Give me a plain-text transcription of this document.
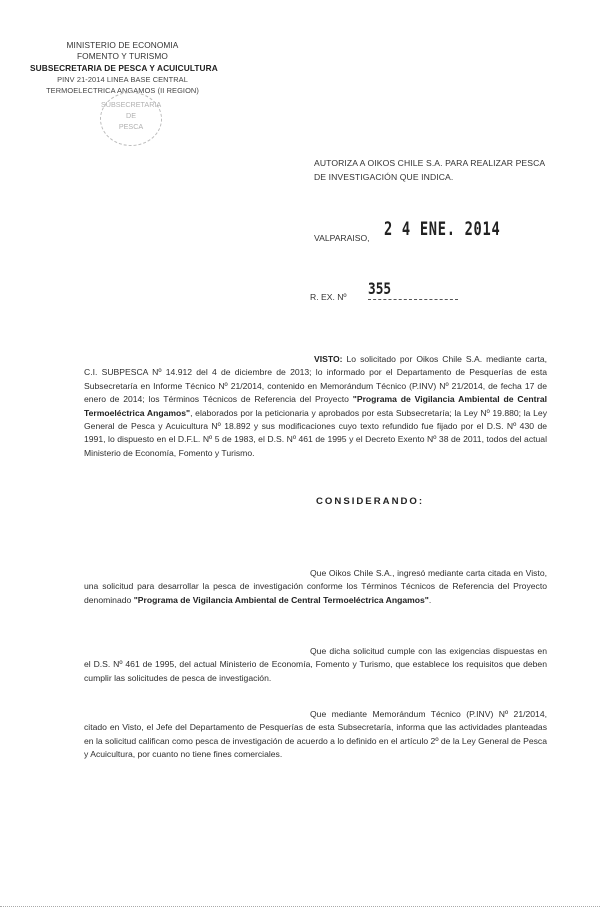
MINISTERIO DE ECONOMIA
FOMENTO Y TURISMO
SUBSECRETARIA DE PESCA Y ACUICULTURA
PINV 21-2014 LINEA BASE CENTRAL
TERMOELECTRICA ANGAMOS (II REGION)
SUBSECRETARIA DE
PESCA
AUTORIZA A OIKOS CHILE S.A. PARA REALIZAR PESCA DE INVESTIGACIÓN QUE INDICA.
VALPARAISO, 2 4 ENE. 2014
R. EX. Nº 355

VISTO: Lo solicitado por Oikos Chile S.A. mediante carta, C.I. SUBPESCA Nº 14.912 del 4 de diciembre de 2013; lo informado por el Departamento de Pesquerías de esta Subsecretaría en Informe Técnico Nº 21/2014, contenido en Memorándum Técnico (P.INV) Nº 21/2014, de fecha 17 de enero de 2014; los Términos Técnicos de Referencia del Proyecto "Programa de Vigilancia Ambiental de Central Termoeléctrica Angamos", elaborados por la peticionaria y aprobados por esta Subsecretaría; la Ley Nº 19.880; la Ley General de Pesca y Acuicultura Nº 18.892 y sus modificaciones cuyo texto refundido fue fijado por el D.S. Nº 430 de 1991, lo dispuesto en el D.F.L. Nº 5 de 1983, el D.S. Nº 461 de 1995 y el Decreto Exento Nº 38 de 2011, todos del actual Ministerio de Economía, Fomento y Turismo.

CONSIDERANDO:

Que Oikos Chile S.A., ingresó mediante carta citada en Visto, una solicitud para desarrollar la pesca de investigación conforme los Términos Técnicos de Referencia del Proyecto denominado "Programa de Vigilancia Ambiental de Central Termoeléctrica Angamos".

Que dicha solicitud cumple con las exigencias dispuestas en el D.S. Nº 461 de 1995, del actual Ministerio de Economía, Fomento y Turismo, que establece los requisitos que deben cumplir las solicitudes de pesca de investigación.

Que mediante Memorándum Técnico (P.INV) Nº 21/2014, citado en Visto, el Jefe del Departamento de Pesquerías de esta Subsecretaría, informa que las actividades planteadas en la solicitud califican como pesca de investigación de acuerdo a lo definido en el artículo 2º de la Ley General de Pesca y Acuicultura, por cuanto no tiene fines comerciales.
